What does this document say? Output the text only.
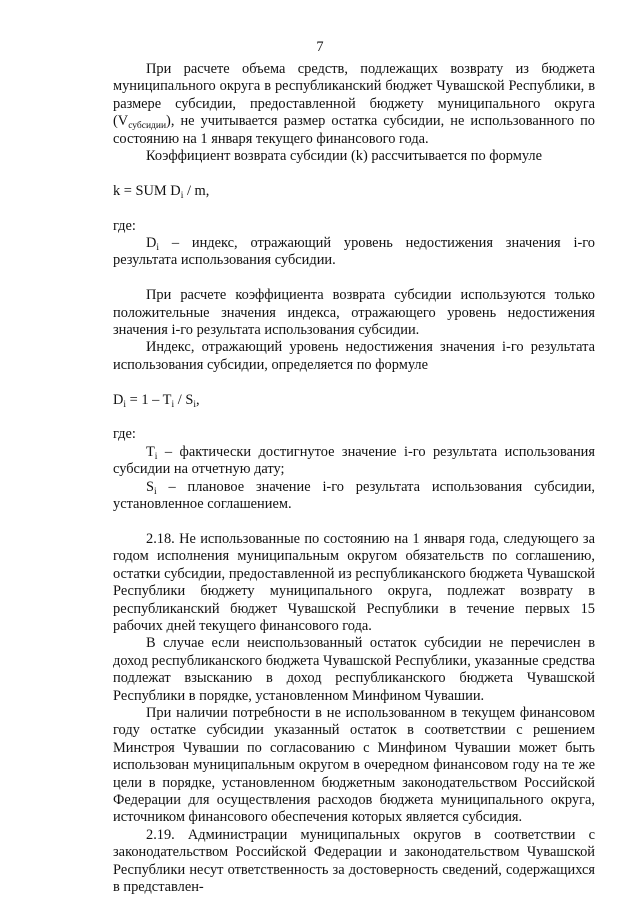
7

При расчете объема средств, подлежащих возврату из бюджета муниципального округа в республиканский бюджет Чувашской Республики, в размере субсидии, предоставленной бюджету муниципального округа $(V_{субсидии})$, не учитывается размер остатка субсидии, не использованного по состоянию на 1 января текущего финансового года.

Коэффициент возврата субсидии (k) рассчитывается по формуле

k = SUM $D_i$ / m,

где:

$D_i$ – индекс, отражающий уровень недостижения значения i-го результата использования субсидии.

При расчете коэффициента возврата субсидии используются только положительные значения индекса, отражающего уровень недостижения значения i-го результата использования субсидии.

Индекс, отражающий уровень недостижения значения i-го результата использования субсидии, определяется по формуле

$D_i = 1 - T_i / S_i$,

где:

$T_i$ – фактически достигнутое значение i-го результата использования субсидии на отчетную дату;

$S_i$ – плановое значение i-го результата использования субсидии, установленное соглашением.

2.18. Не использованные по состоянию на 1 января года, следующего за годом исполнения муниципальным округом обязательств по соглашению, остатки субсидии, предоставленной из республиканского бюджета Чувашской Республики бюджету муниципального округа, подлежат возврату в республиканский бюджет Чувашской Республики в течение первых 15 рабочих дней текущего финансового года.

В случае если неиспользованный остаток субсидии не перечислен в доход республиканского бюджета Чувашской Республики, указанные средства подлежат взысканию в доход республиканского бюджета Чувашской Республики в порядке, установленном Минфином Чувашии.

При наличии потребности в не использованном в текущем финансовом году остатке субсидии указанный остаток в соответствии с решением Минстроя Чувашии по согласованию с Минфином Чувашии может быть использован муниципальным округом в очередном финансовом году на те же цели в порядке, установленном бюджетным законодательством Российской Федерации для осуществления расходов бюджета муниципального округа, источником финансового обеспечения которых является субсидия.

2.19. Администрации муниципальных округов в соответствии с законодательством Российской Федерации и законодательством Чувашской Республики несут ответственность за достоверность сведений, содержащихся в представлен-
